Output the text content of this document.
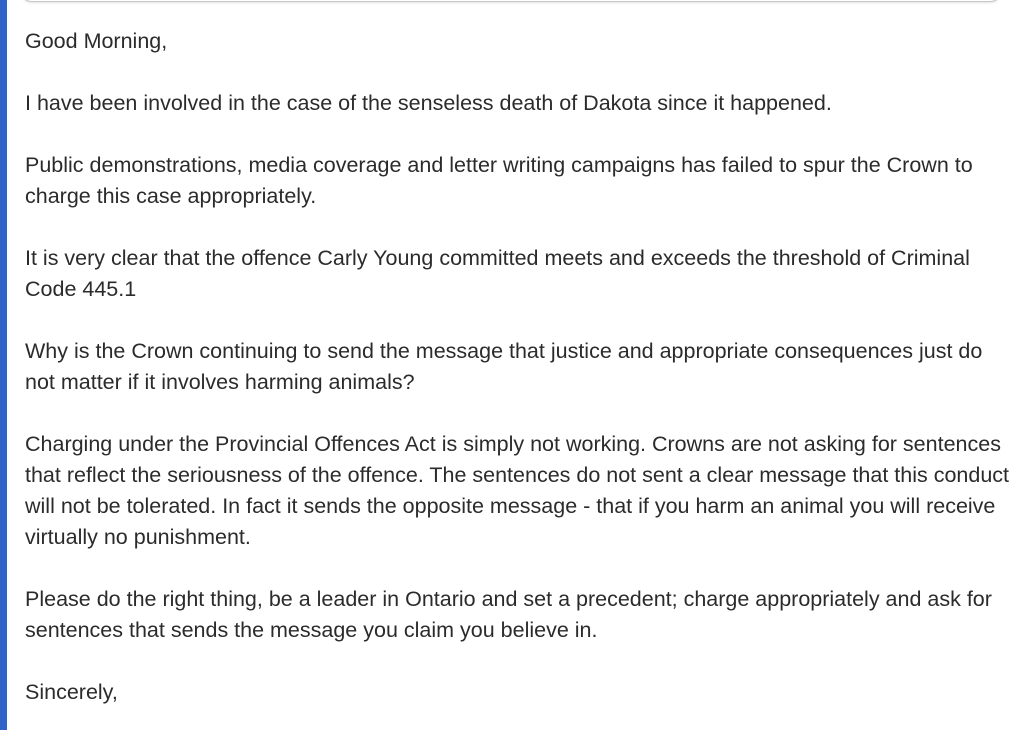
Good Morning,

I have been involved in the case of the senseless death of Dakota since it happened.

Public demonstrations, media coverage and letter writing campaigns has failed to spur the Crown to charge this case appropriately.

It is very clear that the offence Carly Young committed meets and exceeds the threshold of Criminal Code 445.1

Why is the Crown continuing to send the message that justice and appropriate consequences just do not matter if it involves harming animals?

Charging under the Provincial Offences Act is simply not working. Crowns are not asking for sentences that reflect the seriousness of the offence. The sentences do not sent a clear message that this conduct will not be tolerated. In fact it sends the opposite message - that if you harm an animal you will receive virtually no punishment.

Please do the right thing, be a leader in Ontario and set a precedent; charge appropriately and ask for sentences that sends the message you claim you believe in.

Sincerely,
